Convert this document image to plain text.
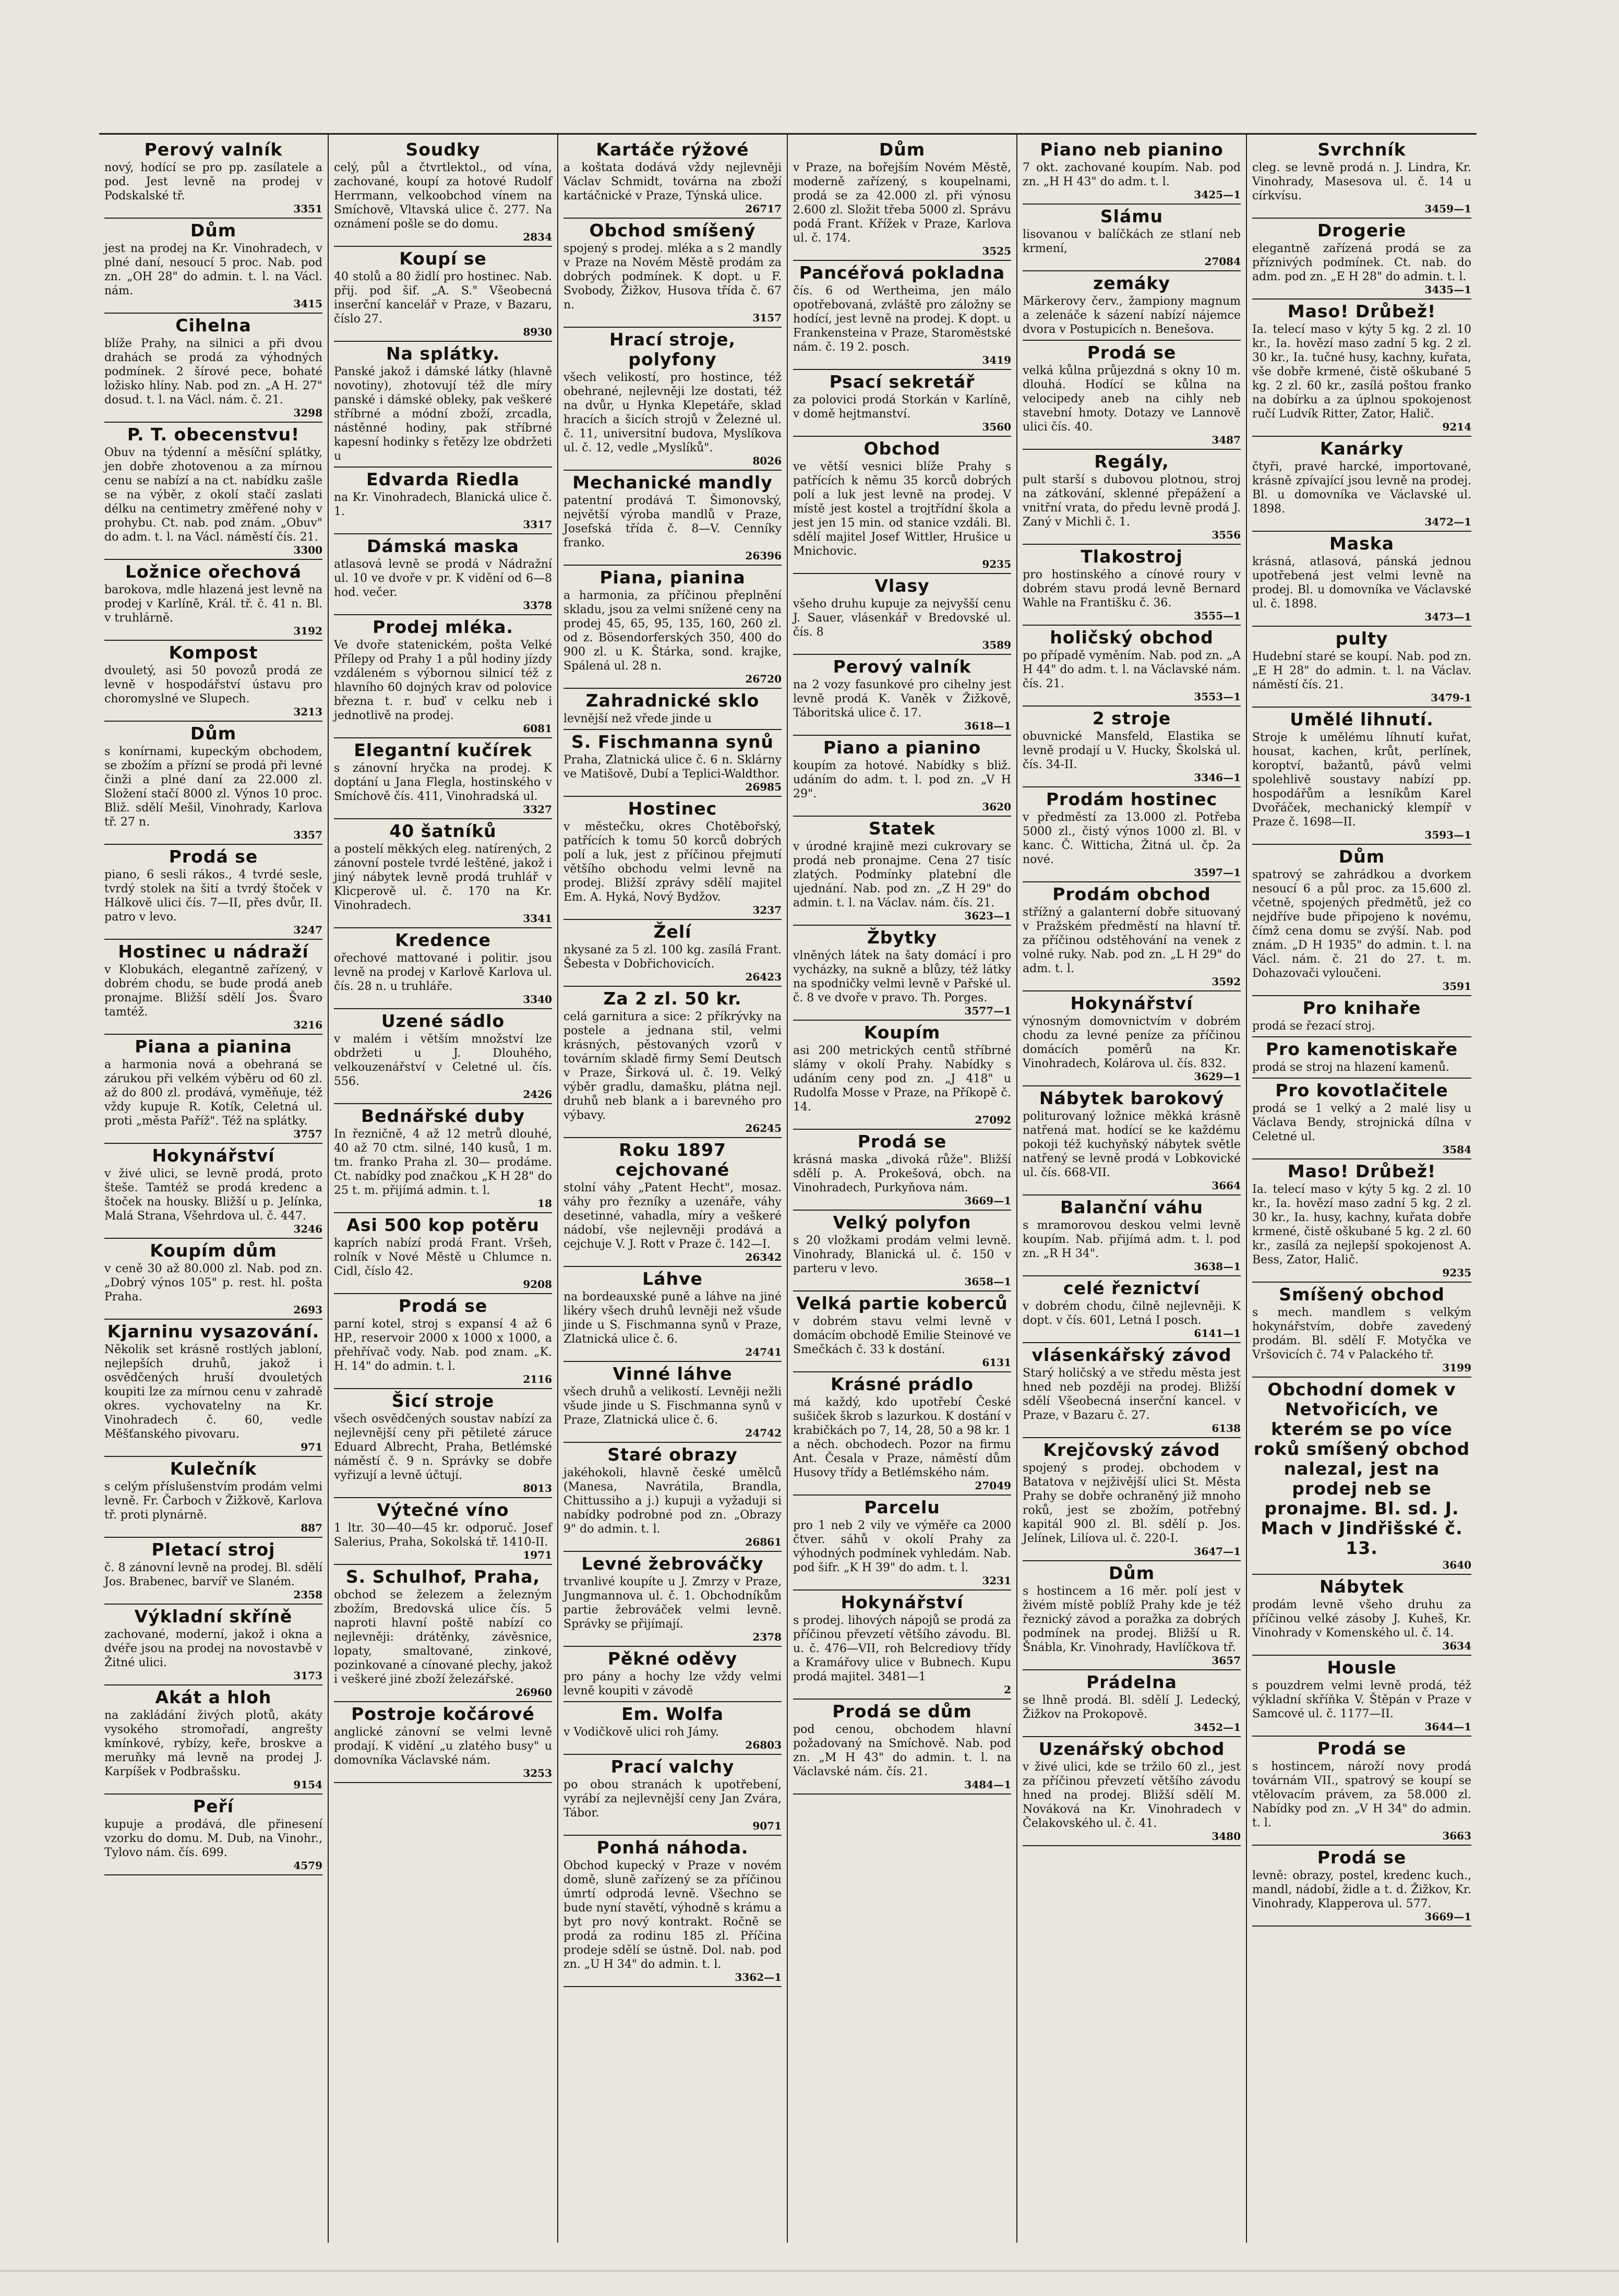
Perový valník
nový, hodící se pro pp. zasílatele a pod. Jest levně na prodej v Podskalské tř.
3351
Dům
jest na prodej na Kr. Vinohradech, v plné daní, nesoucí 5 proc. Nab. pod zn. „OH 28" do admin. t. l. na Václ. nám.
3415
Cihelna
blíže Prahy, na silnici a při dvou drahách se prodá za výhodných podmínek. 2 šírové pece, bohaté ložisko hlíny. Nab. pod zn. „A H. 27" dosud. t. l. na Václ. nám. č. 21.
3298
P. T. obecenstvu!
Obuv na týdenní a měsíční splátky, jen dobře zhotovenou a za mírnou cenu se nabízí a na ct. nabídku zašle se na výběr, z okolí stačí zaslati délku na centimetry změřené nohy v prohybu. Ct. nab. pod znám. „Obuv" do adm. t. l. na Václ. náměstí čís. 21.
3300
Ložnice ořechová
barokova, mdle hlazená jest levně na prodej v Karlíně, Král. tř. č. 41 n. Bl. v truhlárně.
3192
Kompost
dvouletý, asi 50 povozů prodá ze levně v hospodářství ústavu pro choromyslné ve Slupech.
3213
Dům
s konírnami, kupeckým obchodem, se zbožím a přízní se prodá při levné činži a plné daní za 22.000 zl. Složení stačí 8000 zl. Výnos 10 proc. Bliž. sdělí Mešil, Vinohrady, Karlova tř. 27 n.
3357
Prodá se
piano, 6 sesli rákos., 4 tvrdé sesle, tvrdý stolek na šití a tvrdý štoček v Hálkově ulici čís. 7—II, přes dvůr, II. patro v levo.
3247
Hostinec u nádraží
v Klobukách, elegantně zařízený, v dobrém chodu, se bude prodá aneb pronajme. Bližší sdělí Jos. Švaro tamtéž.
3216
Piana a pianina
a harmonia nová a obehraná se zárukou při velkém výběru od 60 zl. až do 800 zl. prodává, vyměňuje, též vždy kupuje R. Kotík, Celetná ul. proti „města Paříž". Též na splátky.
3757
Hokynářství
v živé ulici, se levně prodá, proto šteše. Tamtéž se prodá kredenc a štoček na housky. Bližší u p. Jelínka, Malá Strana, Všehrdova ul. č. 447.
3246
Koupím dům
v ceně 30 až 80.000 zl. Nab. pod zn. „Dobrý výnos 105" p. rest. hl. pošta Praha.
2693
Kjarninu vysazování.
Několik set krásně rostlých jabloní, nejlepších druhů, jakož i osvědčených hruší dvouletých koupiti lze za mírnou cenu v zahradě okres. vychovatelny na Kr. Vinohradech č. 60, vedle Měšťanského pivovaru.
971
Kulečník
s celým příslušenstvím prodám velmi levně. Fr. Čarboch v Žižkově, Karlova tř. proti plynárně.
887
Pletací stroj
č. 8 zánovní levně na prodej. Bl. sdělí Jos. Brabenec, barvíř ve Slaném.
2358
Výkladní skříně
zachované, moderní, jakož i okna a dvéře jsou na prodej na novostavbě v Žitné ulici.
3173
Akát a hloh
na zakládání živých plotů, akáty vysokého stromořadí, angrešty kmínkové, rybízy, keře, broskve a meruňky má levně na prodej J. Karpíšek v Podbrašsku.
9154
Peří
kupuje a prodává, dle přinesení vzorku do domu. M. Dub, na Vinohr., Tylovo nám. čís. 699.
4579
Soudky
celý, půl a čtvrtlektol., od vína, zachované, koupí za hotové Rudolf Herrmann, velkoobchod vínem na Smíchově, Vltavská ulice č. 277. Na oznámení pošle se do domu.
2834
Koupí se
40 stolů a 80 židlí pro hostinec. Nab. přij. pod šif. „A. S." Všeobecná inserční kancelář v Praze, v Bazaru, číslo 27.
8930
Na splátky.
Panské jakož i dámské látky (hlavně novotiny), zhotovují též dle míry panské i dámské obleky, pak veškeré stříbrné a módní zboží, zrcadla, nástěnné hodiny, pak stříbrné kapesní hodinky s řetězy lze obdržeti u
Edvarda Riedla
na Kr. Vinohradech, Blanická ulice č. 1.
3317
Dámská maska
atlasová levně se prodá v Nádražní ul. 10 ve dvoře v pr. K vidění od 6—8 hod. večer.
3378
Prodej mléka.
Ve dvoře statenickém, pošta Velké Přílepy od Prahy 1 a půl hodiny jízdy vzdáleném s výbornou silnicí též z hlavního 60 dojných krav od polovice března t. r. buď v celku neb i jednotlivě na prodej.
6081
Elegantní kučírek
s zánovní hryčka na prodej. K doptání u Jana Flegla, hostinského v Smíchově čís. 411, Vinohradská ul.
3327
40 šatníků
a postelí měkkých eleg. natírených, 2 zánovní postele tvrdé leštěné, jakož i jiný nábytek levně prodá truhlář v Klicperově ul. č. 170 na Kr. Vinohradech.
3341
Kredence
ořechové mattované i politir. jsou levně na prodej v Karlově Karlova ul. čís. 28 n. u truhláře.
3340
Uzené sádlo
v malém i větším množství lze obdržeti u J. Dlouhého, velkouzenářství v Celetné ul. čís. 556.
2426
Bednářské duby
In řezničně, 4 až 12 metrů dlouhé, 40 až 70 ctm. silné, 140 kusů, 1 m. tm. franko Praha zl. 30— prodáme. Ct. nabídky pod značkou „K H 28" do 25 t. m. přijímá admin. t. l.
18
Asi 500 kop potěru
kaprích nabízí prodá Frant. Vršeh, rolník v Nové Městě u Chlumce n. Cidl, číslo 42.
9208
Prodá se
parní kotel, stroj s expansí 4 až 6 HP., reservoir 2000 x 1000 x 1000, a přehřívač vody. Nab. pod znam. „K. H. 14" do admin. t. l.
2116
Šicí stroje
všech osvědčených soustav nabízí za nejlevnější ceny při pětileté záruce Eduard Albrecht, Praha, Betlémské náměstí č. 9 n. Správky se dobře vyřizují a levně účtují.
8013
Výtečné víno
1 ltr. 30—40—45 kr. odporuč. Josef Salerius, Praha, Sokolská tř. 1410-II.
1971
S. Schulhof, Praha,
obchod se železem a železným zbožím, Bredovská ulice čís. 5 naproti hlavní poště nabízí co nejlevněji: drátěnky, závěsnice, lopaty, smaltované, zinkové, pozinkované a cínované plechy, jakož i veškeré jiné zboží železářské.
26960
Postroje kočárové
anglické zánovní se velmi levně prodají. K vidění „u zlatého busy" u domovníka Václavské nám.
3253
Kartáče rýžové
a koštata dodává vždy nejlevněji Václav Schmidt, továrna na zboží kartáčnické v Praze, Týnská ulice.
26717
Obchod smíšený
spojený s prodej. mléka a s 2 mandly v Praze na Novém Městě prodám za dobrých podmínek. K dopt. u F. Svobody, Žižkov, Husova třída č. 67 n.
3157
Hrací stroje, polyfony
všech velikostí, pro hostince, též obehrané, nejlevněji lze dostati, též na dvůr, u Hynka Klepetáře, sklad hracích a šicích strojů v Železné ul. č. 11, universitní budova, Myslíkova ul. č. 12, vedle „Myslíků".
8026
Mechanické mandly
patentní prodává T. Šimonovský, největší výroba mandlů v Praze, Josefská třída č. 8—V. Cenníky franko.
26396
Piana, pianina
a harmonia, za příčinou přeplnění skladu, jsou za velmi snížené ceny na prodej 45, 65, 95, 135, 160, 260 zl. od z. Bösendorferských 350, 400 do 900 zl. u K. Štárka, sond. krajke, Spálená ul. 28 n.
26720
Zahradnické sklo
levnější než vřede jinde u
S. Fischmanna synů
Praha, Zlatnická ulice č. 6 n. Sklárny ve Matišově, Dubí a Teplici-Waldthor.
26985
Hostinec
v městečku, okres Chotěbořský, patřících k tomu 50 korců dobrých polí a luk, jest z příčinou přejmutí většího obchodu velmi levně na prodej. Bližší zprávy sdělí majitel Em. A. Hyká, Nový Bydžov.
3237
Želí
nkysané za 5 zl. 100 kg. zasílá Frant. Šebesta v Dobřichovicích.
26423
Za 2 zl. 50 kr.
celá garnitura a sice: 2 příkrývky na postele a jednana stil, velmi krásných, pěstovaných vzorů v továrním skladě firmy Semí Deutsch v Praze, Širková ul. č. 19. Velký výběr gradlu, damašku, plátna nejl. druhů neb blank a i barevného pro výbavy.
26245
Roku 1897 cejchované
stolní váhy „Patent Hecht", mosaz. váhy pro řezníky a uzenáře, váhy desetinné, vahadla, míry a veškeré nádobí, vše nejlevněji prodává a cejchuje V. J. Rott v Praze č. 142—I.
26342
Láhve
na bordeauxské puně a láhve na jiné likéry všech druhů levněji než všude jinde u S. Fischmanna synů v Praze, Zlatnická ulice č. 6.
24741
Vinné láhve
všech druhů a velikostí. Levněji nežli všude jinde u S. Fischmanna synů v Praze, Zlatnická ulice č. 6.
24742
Staré obrazy
jakéhokoli, hlavně české umělců (Manesa, Navrátila, Brandla, Chittussiho a j.) kupuji a vyžaduji si nabídky podrobné pod zn. „Obrazy 9" do admin. t. l.
26861
Levné žebrováčky
trvanlivé koupíte u J. Zmrzy v Praze, Jungmannova ul. č. 1. Obchodníkům partie žebrováček velmi levně. Správky se přijímají.
2378
Pěkné oděvy
pro pány a hochy lze vždy velmi levně koupiti v závodě
Em. Wolfa
v Vodičkově ulici roh Jámy.
26803
Prací valchy
po obou stranách k upotřebení, vyrábí za nejlevnější ceny Jan Zvára, Tábor.
9071
Ponhá náhoda.
Obchod kupecký v Praze v novém domě, sluně zařízený se za příčinou úmrtí odprodá levně. Všechno se bude nyní stavětí, výhodně s krámu a byt pro nový kontrakt. Ročně se prodá za rodinu 185 zl. Příčina prodeje sdělí se ústně. Dol. nab. pod zn. „U H 34" do admin. t. l.
3362—1
Dům
v Praze, na bořejším Novém Městě, moderně zařízený, s koupelnami, prodá se za 42.000 zl. při výnosu 2.600 zl. Složit třeba 5000 zl. Správu podá Frant. Křížek v Praze, Karlova ul. č. 174.
3525
Pancéřová pokladna
čís. 6 od Wertheima, jen málo opotřebovaná, zvláště pro záložny se hodící, jest levně na prodej. K dopt. u Frankensteina v Praze, Staroměstské nám. č. 19 2. posch.
3419
Psací sekretář
za polovici prodá Storkán v Karlíně, v domě hejtmanství.
3560
Obchod
ve větší vesnici blíže Prahy s patřících k němu 35 korců dobrých polí a luk jest levně na prodej. V místě jest kostel a trojtřídní škola a jest jen 15 min. od stanice vzdáli. Bl. sdělí majitel Josef Wittler, Hrušice u Mnichovic.
9235
Vlasy
všeho druhu kupuje za nejvyšší cenu J. Sauer, vlásenkář v Bredovské ul. čís. 8
3589
Perový valník
na 2 vozy fasunkové pro cihelny jest levně prodá K. Vaněk v Žižkově, Táboritská ulice č. 17.
3618—1
Piano a pianino
koupím za hotové. Nabídky s bliž. udáním do adm. t. l. pod zn. „V H 29".
3620
Statek
v úrodné krajině mezi cukrovary se prodá neb pronajme. Cena 27 tisíc zlatých. Podmínky platební dle ujednání. Nab. pod zn. „Z H 29" do admin. t. l. na Václav. nám. čís. 21.
3623—1
Žbytky
vlněných látek na šaty domácí i pro vycházky, na sukně a blůzy, též látky na spodničky velmi levně v Pařské ul. č. 8 ve dvoře v pravo. Th. Porges.
3577—1
Koupím
asi 200 metrických centů stříbrné slámy v okolí Prahy. Nabídky s udáním ceny pod zn. „J 418" u Rudolfa Mosse v Praze, na Příkopě č. 14.
27092
Prodá se
krásná maska „divoká růže". Bližší sdělí p. A. Prokešová, obch. na Vinohradech, Purkyňova nám.
3669—1
Velký polyfon
s 20 vložkami prodám velmi levně. Vinohrady, Blanická ul. č. 150 v parteru v levo.
3658—1
Velká partie koberců
v dobrém stavu velmi levně v domácím obchodě Emilie Steinové ve Smečkách č. 33 k dostání.
6131
Krásné prádlo
má každý, kdo upotřebí České sušiček škrob s lazurkou. K dostání v krabičkách po 7, 14, 28, 50 a 98 kr. 1 a něch. obchodech. Pozor na firmu Ant. Česala v Praze, náměstí dům Husovy třídy a Betlémského nám.
27049
Parcelu
pro 1 neb 2 vily ve výměře ca 2000 čtver. sáhů v okolí Prahy za výhodných podmínek vyhledám. Nab. pod šifr. „K H 39" do adm. t. l.
3231
Hokynářství
s prodej. lihových nápojů se prodá za příčinou převzetí většího závodu. Bl. u. č. 476—VII, roh Belcrediovy třídy a Kramářovy ulice v Bubnech. Kupu prodá majitel. 3481—1
2
Prodá se dům
pod cenou, obchodem hlavní požadovaný na Smíchově. Nab. pod zn. „M H 43" do admin. t. l. na Václavské nám. čís. 21.
3484—1
Piano neb pianino
7 okt. zachované koupím. Nab. pod zn. „H H 43" do adm. t. l.
3425—1
Slámu
lisovanou v balíčkách ze stlaní neb krmení,
27084
zemáky
Märkerovy červ., žampiony magnum a zelenáče k sázení nabízí nájemce dvora v Postupicích n. Benešova.
Prodá se
velká kůlna průjezdná s okny 10 m. dlouhá. Hodící se kůlna na velocipedy aneb na cihly neb stavební hmoty. Dotazy ve Lannově ulici čís. 40.
3487
Regály,
pult starší s dubovou plotnou, stroj na zátkování, sklenné přepážení a vnitřní vrata, do předu levně prodá J. Zaný v Michli č. 1.
3556
Tlakostroj
pro hostinského a cínové roury v dobrém stavu prodá levně Bernard Wahle na Františku č. 36.
3555—1
holičský obchod
po případě vyměním. Nab. pod zn. „A H 44" do adm. t. l. na Václavské nám. čís. 21.
3553—1
2 stroje
obuvnické Mansfeld, Elastika se levně prodají u V. Hucky, Školská ul. čís. 34-II.
3346—1
Prodám hostinec
v předměstí za 13.000 zl. Potřeba 5000 zl., čistý výnos 1000 zl. Bl. v kanc. Č. Witticha, Žitná ul. čp. 2a nové.
3597—1
Prodám obchod
střížný a galanterní dobře situovaný v Pražském předměstí na hlavní tř. za příčinou odstěhování na venek z volné ruky. Nab. pod zn. „L H 29" do adm. t. l.
3592
Hokynářství
výnosným domovnictvím v dobrém chodu za levné peníze za příčinou domácích poměrů na Kr. Vinohradech, Kolárova ul. čís. 832.
3629—1
Nábytek barokový
politurovaný ložnice měkká krásně natřená mat. hodící se ke každému pokoji též kuchyňský nábytek světle natřený se levně prodá v Lobkovické ul. čís. 668-VII.
3664
Balanční váhu
s mramorovou deskou velmi levně koupím. Nab. přijímá adm. t. l. pod zn. „R H 34".
3638—1
celé řeznictví
v dobrém chodu, čilně nejlevněji. K dopt. v čís. 601, Letná I posch.
6141—1
vlásenkářský závod
Starý holičský a ve středu města jest hned neb později na prodej. Bližší sdělí Všeobecná inserční kancel. v Praze, v Bazaru č. 27.
6138
Krejčovský závod
spojený s prodej. obchodem v Batatova v nejživější ulici St. Města Prahy se dobře ochraněný již mnoho roků, jest se zbožím, potřebný kapitál 900 zl. Bl. sdělí p. Jos. Jelínek, Lilíova ul. č. 220-I.
3647—1
Dům
s hostincem a 16 měr. polí jest v živém místě poblíž Prahy kde je též řeznický závod a poražka za dobrých podmínek na prodej. Bližší u R. Šnábla, Kr. Vinohrady, Havlíčkova tř.
3657
Prádelna
se lhně prodá. Bl. sdělí J. Ledecký, Žižkov na Prokopově.
3452—1
Uzenářský obchod
v živé ulici, kde se tržilo 60 zl., jest za příčinou převzetí většího závodu hned na prodej. Bližší sdělí M. Nováková na Kr. Vinohradech v Čelakovského ul. č. 41.
3480
Svrchník
cleg. se levně prodá n. J. Lindra, Kr. Vinohrady, Masesova ul. č. 14 u církvísu.
3459—1
Drogerie
elegantně zařízená prodá se za příznivých podmínek. Ct. nab. do adm. pod zn. „E H 28" do admin. t. l.
3435—1
Maso! Drůbež!
Ia. telecí maso v kýty 5 kg. 2 zl. 10 kr., Ia. hovězí maso zadní 5 kg. 2 zl. 30 kr., Ia. tučné husy, kachny, kuřata, vše dobře krmené, čistě oškubané 5 kg. 2 zl. 60 kr., zasílá poštou franko na dobírku a za úplnou spokojenost ručí Ludvík Ritter, Zator, Halič.
9214
Kanárky
čtyři, pravé harcké, importované, krásně zpívající jsou levně na prodej. Bl. u domovníka ve Václavské ul. 1898.
3472—1
Maska
krásná, atlasová, pánská jednou upotřebená jest velmi levně na prodej. Bl. u domovníka ve Václavské ul. č. 1898.
3473—1
pulty
Hudební staré se koupí. Nab. pod zn. „E H 28" do admin. t. l. na Václav. náměstí čís. 21.
3479-1
Umělé lihnutí.
Stroje k umělému líhnutí kuřat, housat, kachen, krůt, perlínek, koroptví, bažantů, pávů velmi spolehlivě soustavy nabízí pp. hospodářům a lesníkům Karel Dvořáček, mechanický klempíř v Praze č. 1698—II.
3593—1
Dům
spatrový se zahrádkou a dvorkem nesoucí 6 a půl proc. za 15.600 zl. včetně, spojených předmětů, jež co nejdříve bude připojeno k novému, čímž cena domu se zvýší. Nab. pod znám. „D H 1935" do admin. t. l. na Václ. nám. č. 21 do 27. t. m. Dohazovači vyloučeni.
3591
Pro knihaře
prodá se řezací stroj.
Pro kamenotiskaře
prodá se stroj na hlazení kamenů.
Pro kovotlačitele
prodá se 1 velký a 2 malé lisy u Václava Bendy, strojnická dílna v Celetné ul.
3584
Maso! Drůbež!
Ia. telecí maso v kýty 5 kg. 2 zl. 10 kr., Ia. hovězí maso zadní 5 kg. 2 zl. 30 kr., Ia. husy, kachny, kuřata dobře krmené, čistě oškubané 5 kg. 2 zl. 60 kr., zasílá za nejlepší spokojenost A. Bess, Zator, Halič.
9235
Smíšený obchod
s mech. mandlem s velkým hokynářstvím, dobře zavedený prodám. Bl. sdělí F. Motyčka ve Vršovicích č. 74 v Palackého tř.
3199
Obchodní domek v Netvořicích, ve kterém se po více roků smíšený obchod nalezal, jest na prodej neb se pronajme. Bl. sd. J. Mach v Jindřišské č. 13.
3640
Nábytek
prodám levně všeho druhu za příčinou velké zásoby J. Kuheš, Kr. Vinohrady v Komenského ul. č. 14.
3634
Housle
s pouzdrem velmi levně prodá, též výkladní skříňka V. Štěpán v Praze v Samcové ul. č. 1177—II.
3644—1
Prodá se
s hostincem, nároží novy prodá továrnám VII., spatrový se koupí se vtělovacím právem, za 58.000 zl. Nabídky pod zn. „V H 34" do admin. t. l.
3663
Prodá se
levně: obrazy, postel, kredenc kuch., mandl, nádobí, židle a t. d. Žižkov, Kr. Vinohrady, Klapperova ul. 577.
3669—1
